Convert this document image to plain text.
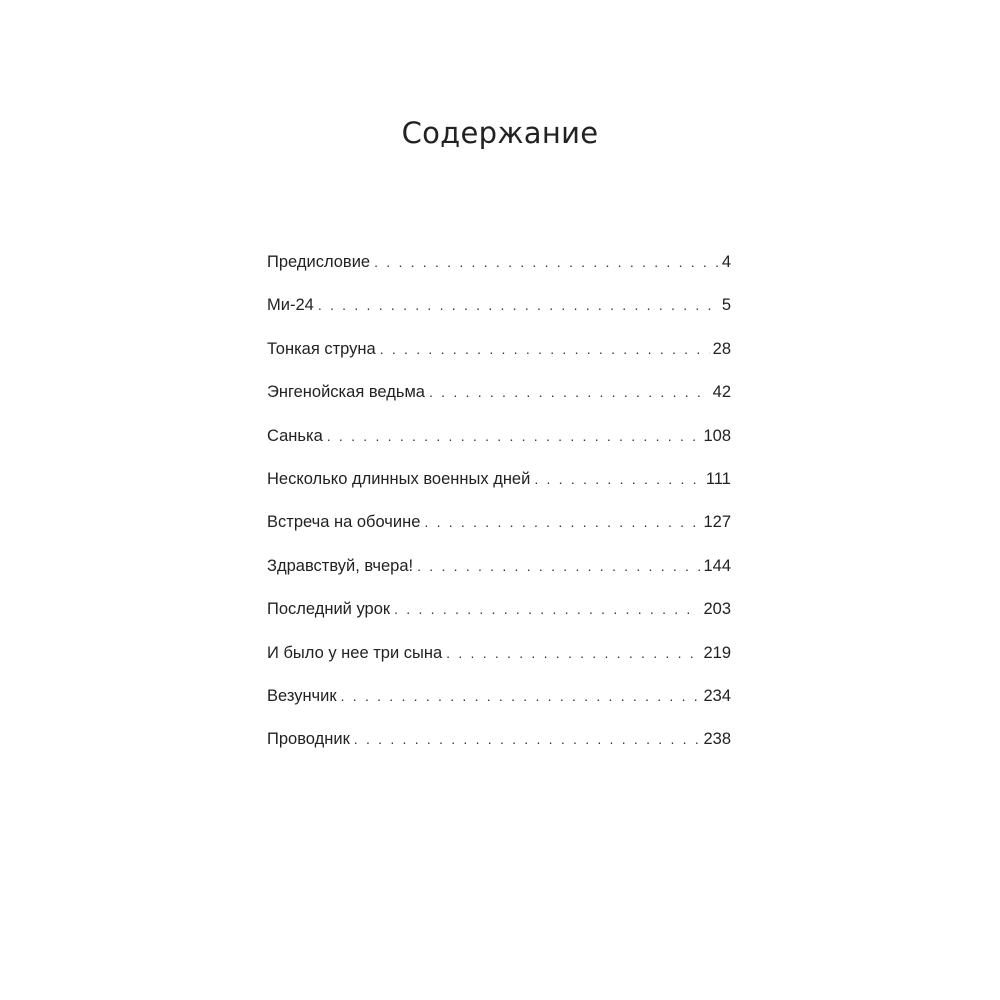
Содержание
Предисловие . . .	4
Ми-24 . . .	5
Тонкая струна . . .	28
Энгенойская ведьма . . .	42
Санька . . .	108
Несколько длинных военных дней . . .	111
Встреча на обочине . . .	127
Здравствуй, вчера! . . .	144
Последний урок . . .	203
И было у нее три сына . . .	219
Везунчик . . .	234
Проводник . . .	238
